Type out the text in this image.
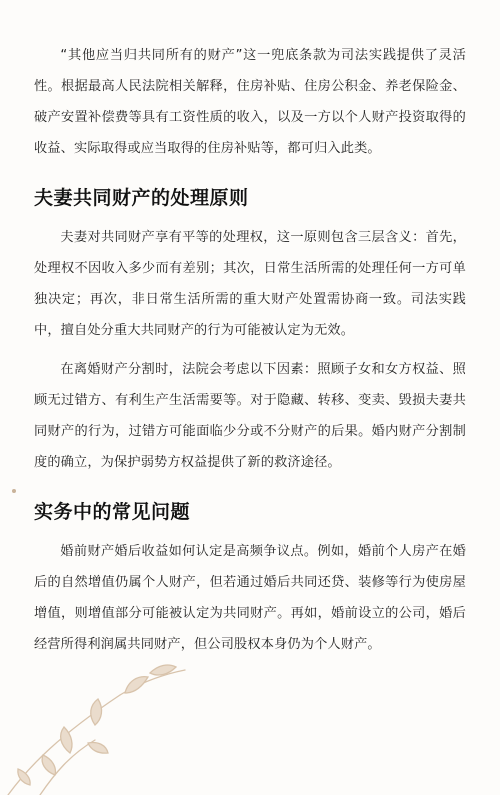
“其他应当归共同所有的财产”这一兜底条款为司法实践提供了灵活性。根据最高人民法院相关解释，住房补贴、住房公积金、养老保险金、破产安置补偿费等具有工资性质的收入，以及一方以个人财产投资取得的收益、实际取得或应当取得的住房补贴等，都可归入此类。

夫妻共同财产的处理原则

夫妻对共同财产享有平等的处理权，这一原则包含三层含义：首先，处理权不因收入多少而有差别；其次，日常生活所需的处理任何一方可单独决定；再次，非日常生活所需的重大财产处置需协商一致。司法实践中，擅自处分重大共同财产的行为可能被认定为无效。

在离婚财产分割时，法院会考虑以下因素：照顾子女和女方权益、照顾无过错方、有利生产生活需要等。对于隐藏、转移、变卖、毁损夫妻共同财产的行为，过错方可能面临少分或不分财产的后果。婚内财产分割制度的确立，为保护弱势方权益提供了新的救济途径。

实务中的常见问题

婚前财产婚后收益如何认定是高频争议点。例如，婚前个人房产在婚后的自然增值仍属个人财产，但若通过婚后共同还贷、装修等行为使房屋增值，则增值部分可能被认定为共同财产。再如，婚前设立的公司，婚后经营所得利润属共同财产，但公司股权本身仍为个人财产。
